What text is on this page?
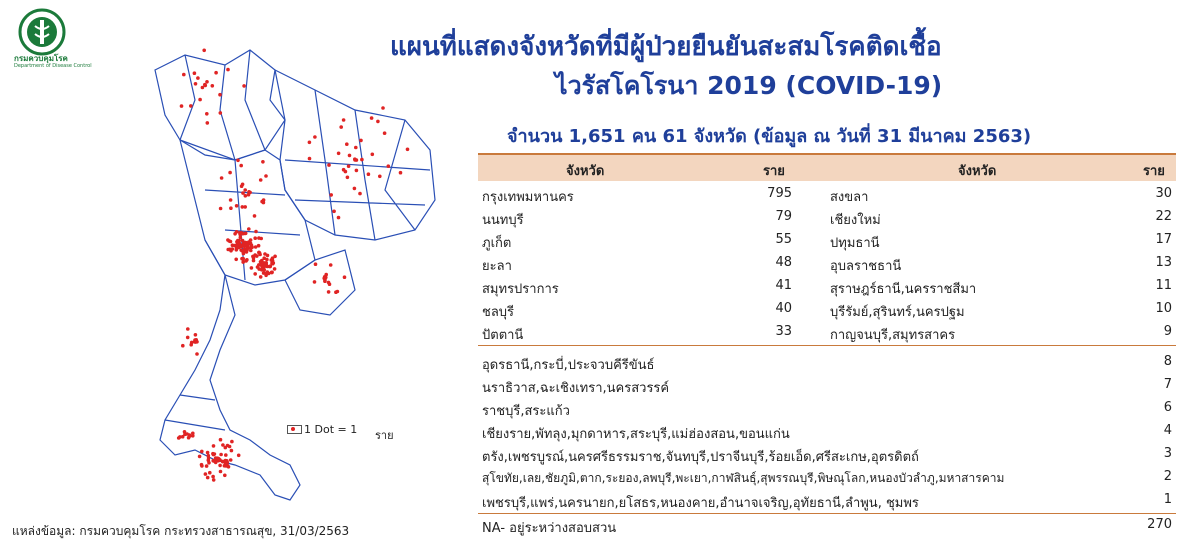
กรมควบคุมโรค
Department of Disease Control
แผนที่แสดงจังหวัดที่มีผู้ป่วยยืนยันสะสมโรคติดเชื้อ
ไวรัสโคโรนา 2019 (COVID-19)
จำนวน 1,651 คน 61 จังหวัด (ข้อมูล ณ วันที่ 31 มีนาคม 2563)
1 Dot = 1 ราย
จังหวัด	ราย	จังหวัด	ราย
กรุงเทพมหานคร	795	สงขลา	30
นนทบุรี	79	เชียงใหม่	22
ภูเก็ต	55	ปทุมธานี	17
ยะลา	48	อุบลราชธานี	13
สมุทรปราการ	41	สุราษฎร์ธานี,นครราชสีมา	11
ชลบุรี	40	บุรีรัมย์,สุรินทร์,นครปฐม	10
ปัตตานี	33	กาญจนบุรี,สมุทรสาคร	9
อุดรธานี,กระบี่,ประจวบคีรีขันธ์	8
นราธิวาส,ฉะเชิงเทรา,นครสวรรค์	7
ราชบุรี,สระแก้ว	6
เชียงราย,พัทลุง,มุกดาหาร,สระบุรี,แม่ฮ่องสอน,ขอนแก่น	4
ตรัง,เพชรบูรณ์,นครศรีธรรมราช,จันทบุรี,ปราจีนบุรี,ร้อยเอ็ด,ศรีสะเกษ,อุตรดิตถ์	3
สุโขทัย,เลย,ชัยภูมิ,ตาก,ระยอง,ลพบุรี,พะเยา,กาฬสินธุ์,สุพรรณบุรี,พิษณุโลก,หนองบัวลำภู,มหาสารคาม	2
เพชรบุรี,แพร่,นครนายก,ยโสธร,หนองคาย,อำนาจเจริญ,อุทัยธานี,ลำพูน, ชุมพร	1
NA- อยู่ระหว่างสอบสวน	270
แหล่งข้อมูล: กรมควบคุมโรค กระทรวงสาธารณสุข, 31/03/2563
